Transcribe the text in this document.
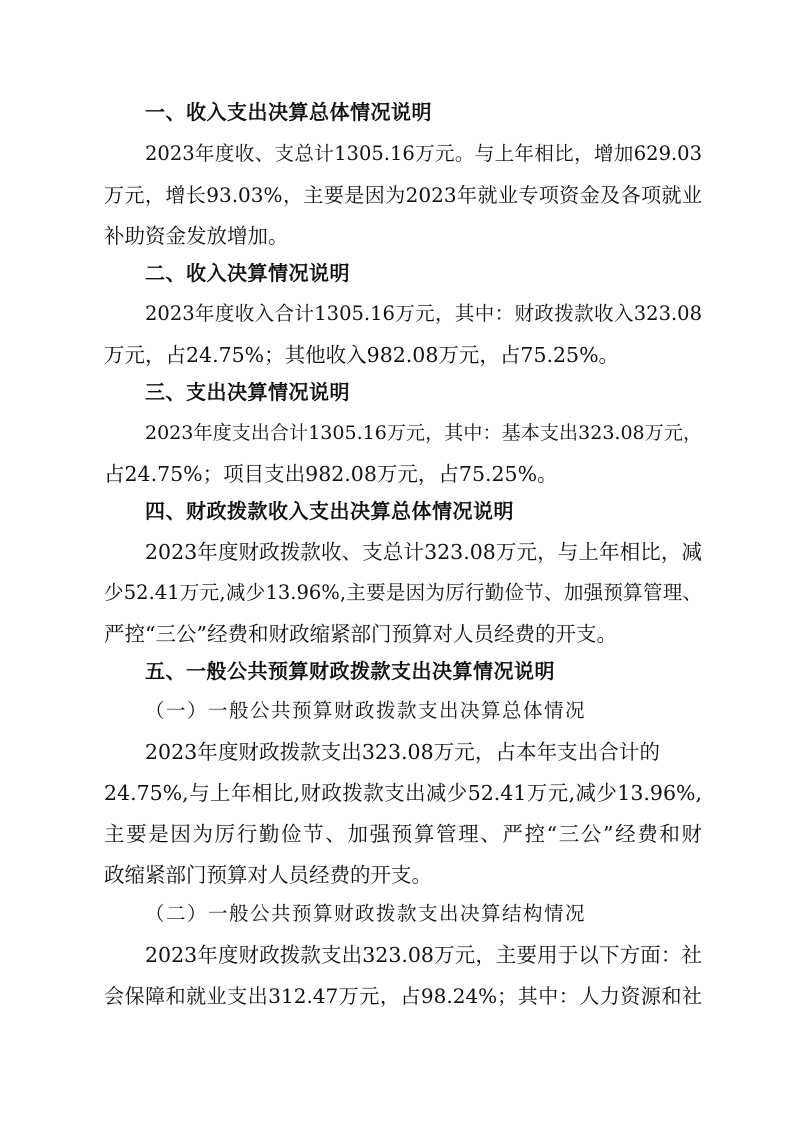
一、收入支出决算总体情况说明
2023年度收、支总计1305.16万元。与上年相比，增加629.03
万元，增长93.03%，主要是因为2023年就业专项资金及各项就业
补助资金发放增加。
二、收入决算情况说明
2023年度收入合计1305.16万元，其中：财政拨款收入323.08
万元，占24.75%；其他收入982.08万元，占75.25%。
三、支出决算情况说明
2023年度支出合计1305.16万元，其中：基本支出323.08万元，
占24.75%；项目支出982.08万元，占75.25%。
四、财政拨款收入支出决算总体情况说明
2023年度财政拨款收、支总计323.08万元，与上年相比，减
少52.41万元,减少13.96%,主要是因为厉行勤俭节、加强预算管理、
严控“三公”经费和财政缩紧部门预算对人员经费的开支。
五、一般公共预算财政拨款支出决算情况说明
（一）一般公共预算财政拨款支出决算总体情况
2023年度财政拨款支出323.08万元，占本年支出合计的
24.75%,与上年相比,财政拨款支出减少52.41万元,减少13.96%,
主要是因为厉行勤俭节、加强预算管理、严控“三公”经费和财
政缩紧部门预算对人员经费的开支。
（二）一般公共预算财政拨款支出决算结构情况
2023年度财政拨款支出323.08万元，主要用于以下方面：社
会保障和就业支出312.47万元，占98.24%；其中：人力资源和社
